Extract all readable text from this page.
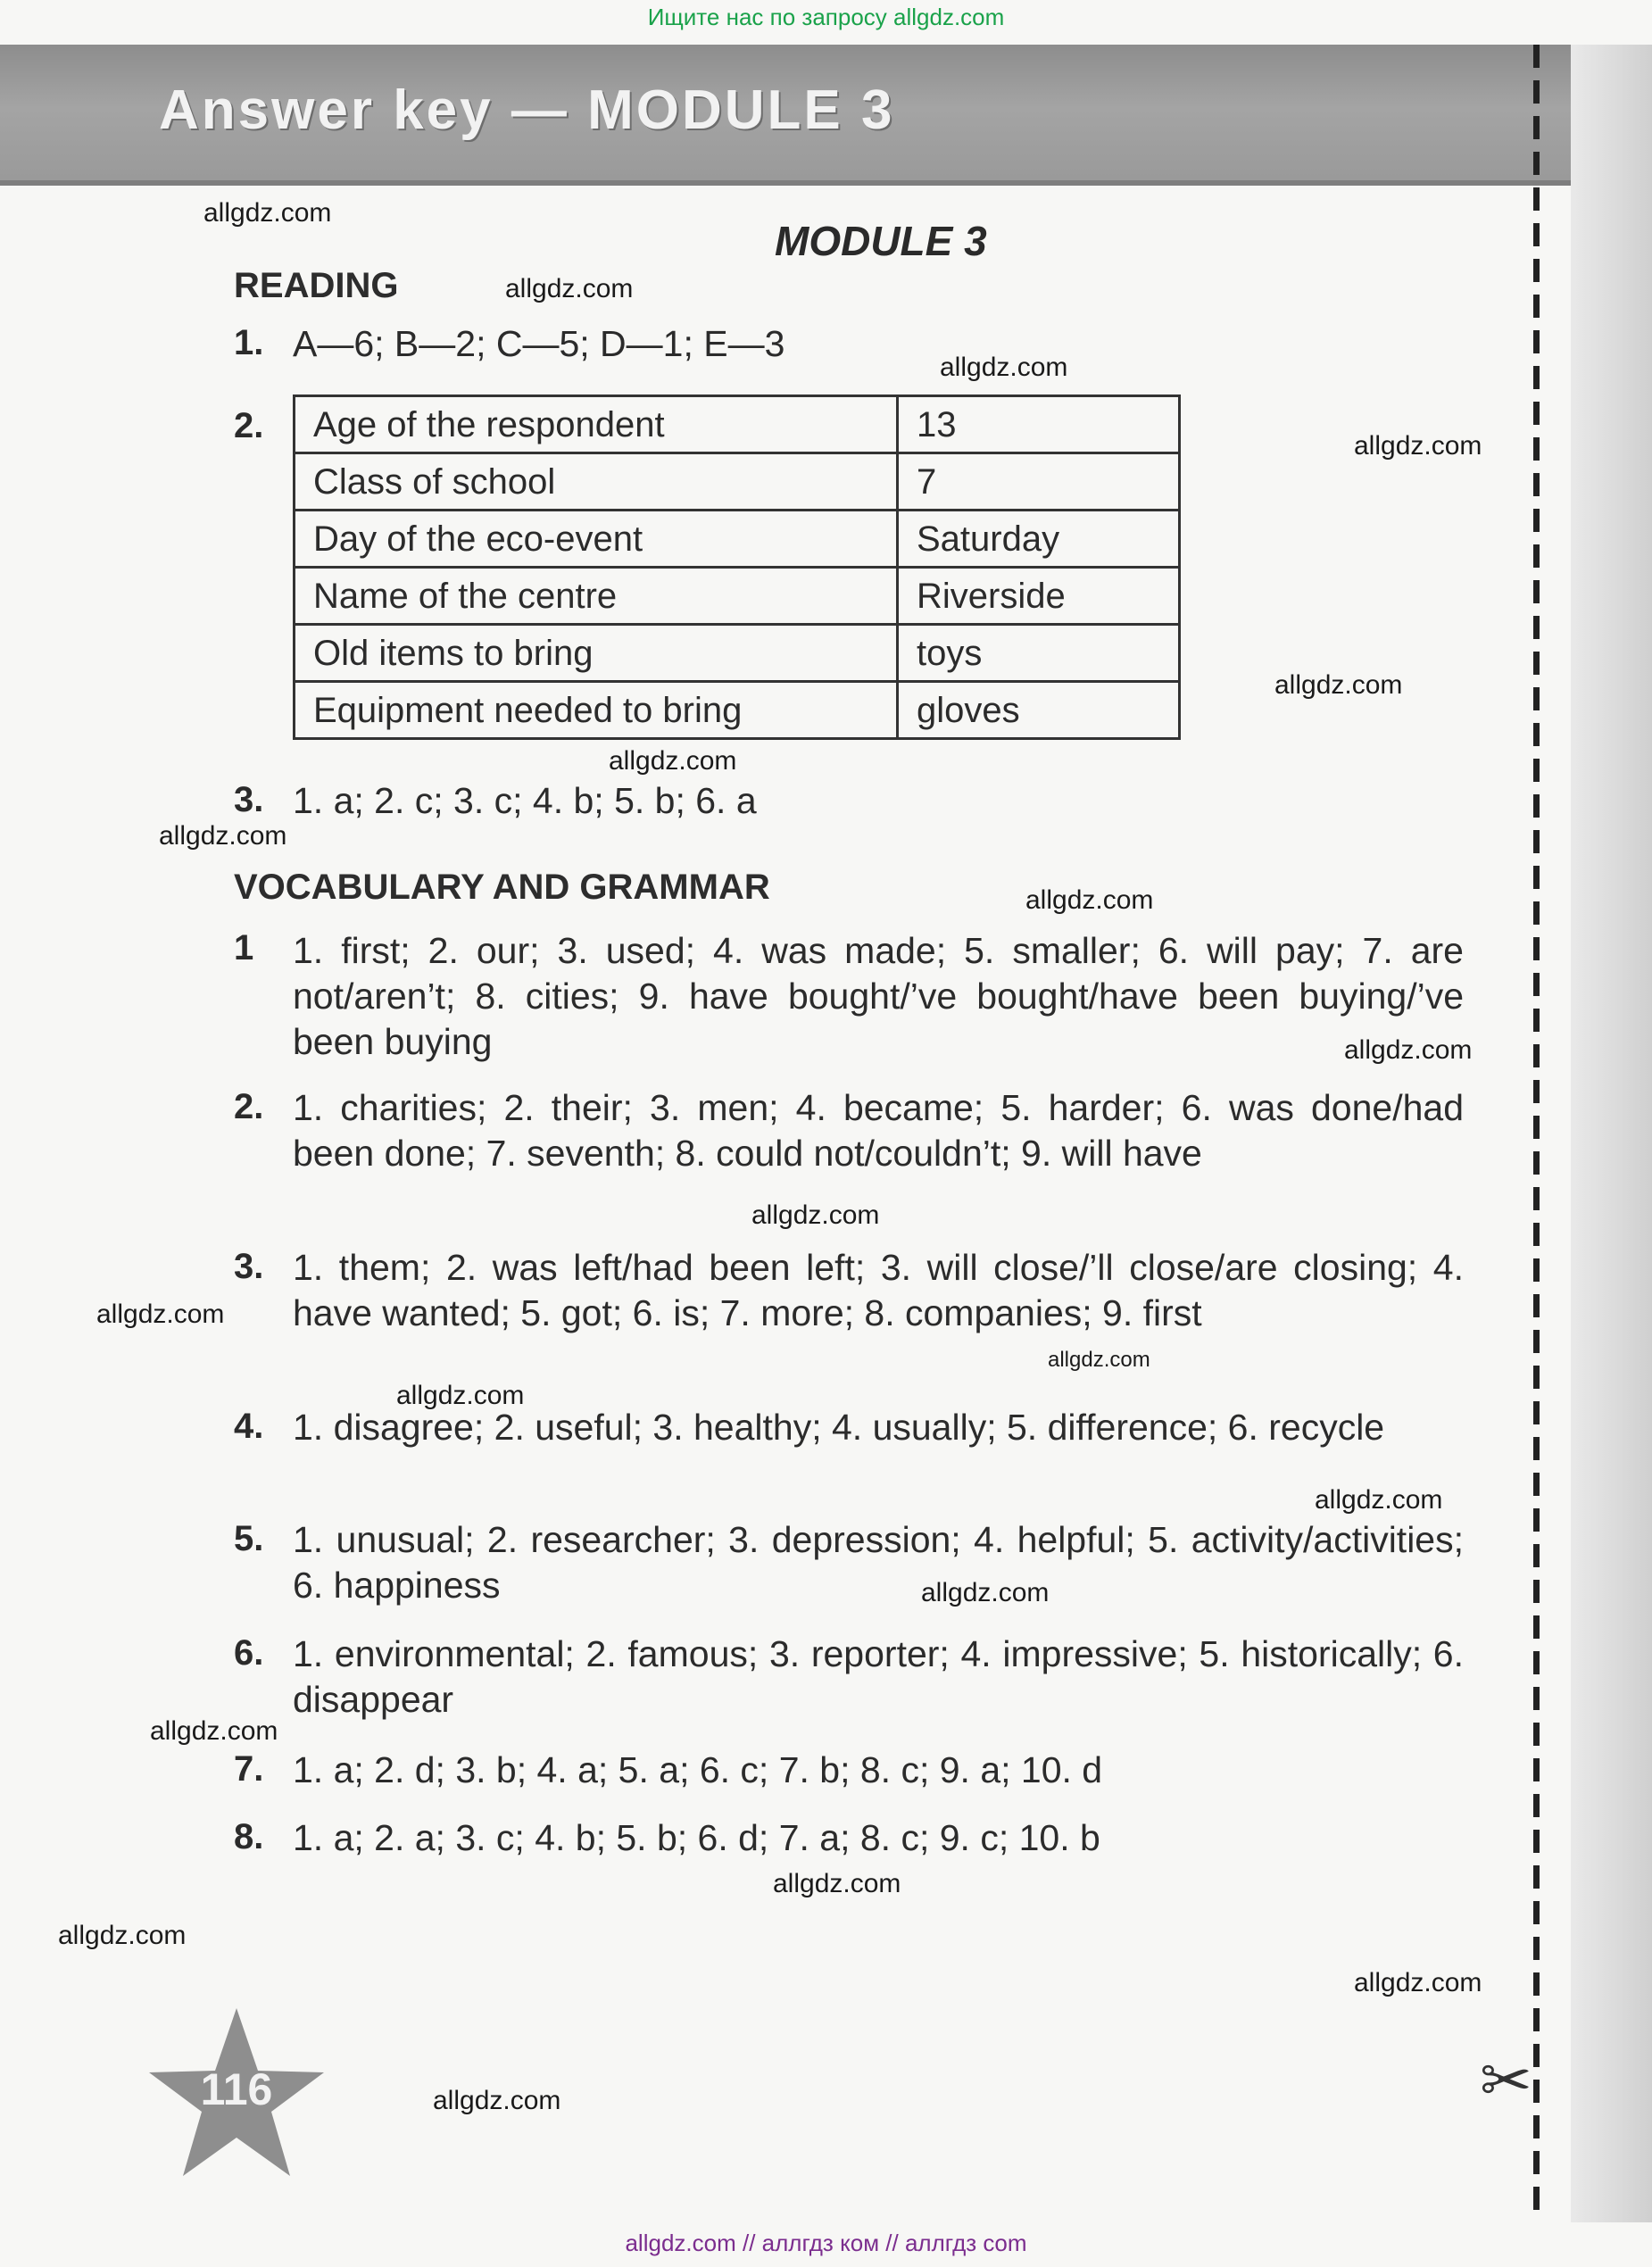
Ищите нас по запросу allgdz.com
Answer key — MODULE 3
✂
MODULE 3
READING
1. A—6; B—2; C—5; D—1; E—3
2. Age of the respondent	13
Class of school	7
Day of the eco-event	Saturday
Name of the centre	Riverside
Old items to bring	toys
Equipment needed to bring	gloves
3. 1. a; 2. c; 3. c; 4. b; 5. b; 6. a
VOCABULARY AND GRAMMAR
1 1. first; 2. our; 3. used; 4. was made; 5. smaller; 6. will pay; 7. are not/aren’t; 8. cities; 9. have bought/’ve bought/have been buying/’ve been buying
2. 1. charities; 2. their; 3. men; 4. became; 5. harder; 6. was done/had been done; 7. seventh; 8. could not/couldn’t; 9. will have
3. 1. them; 2. was left/had been left; 3. will close/’ll close/are closing; 4. have wanted; 5. got; 6. is; 7. more; 8. companies; 9. first
4. 1. disagree; 2. useful; 3. healthy; 4. usually; 5. difference; 6. recycle
5. 1. unusual; 2. researcher; 3. depression; 4. helpful; 5. activity/activities; 6. happiness
6. 1. environmental; 2. famous; 3. reporter; 4. impressive; 5. historically; 6. disappear
7. 1. a; 2. d; 3. b; 4. a; 5. a; 6. c; 7. b; 8. c; 9. a; 10. d
8. 1. a; 2. a; 3. c; 4. b; 5. b; 6. d; 7. a; 8. c; 9. c; 10. b
116
allgdz.com
allgdz.com
allgdz.com
allgdz.com
allgdz.com
allgdz.com
allgdz.com
allgdz.com
allgdz.com
allgdz.com
allgdz.com
allgdz.com
allgdz.com
allgdz.com
allgdz.com
allgdz.com
allgdz.com
allgdz.com
allgdz.com
allgdz.com
allgdz.com // аллгдз ком // аллгдз com
